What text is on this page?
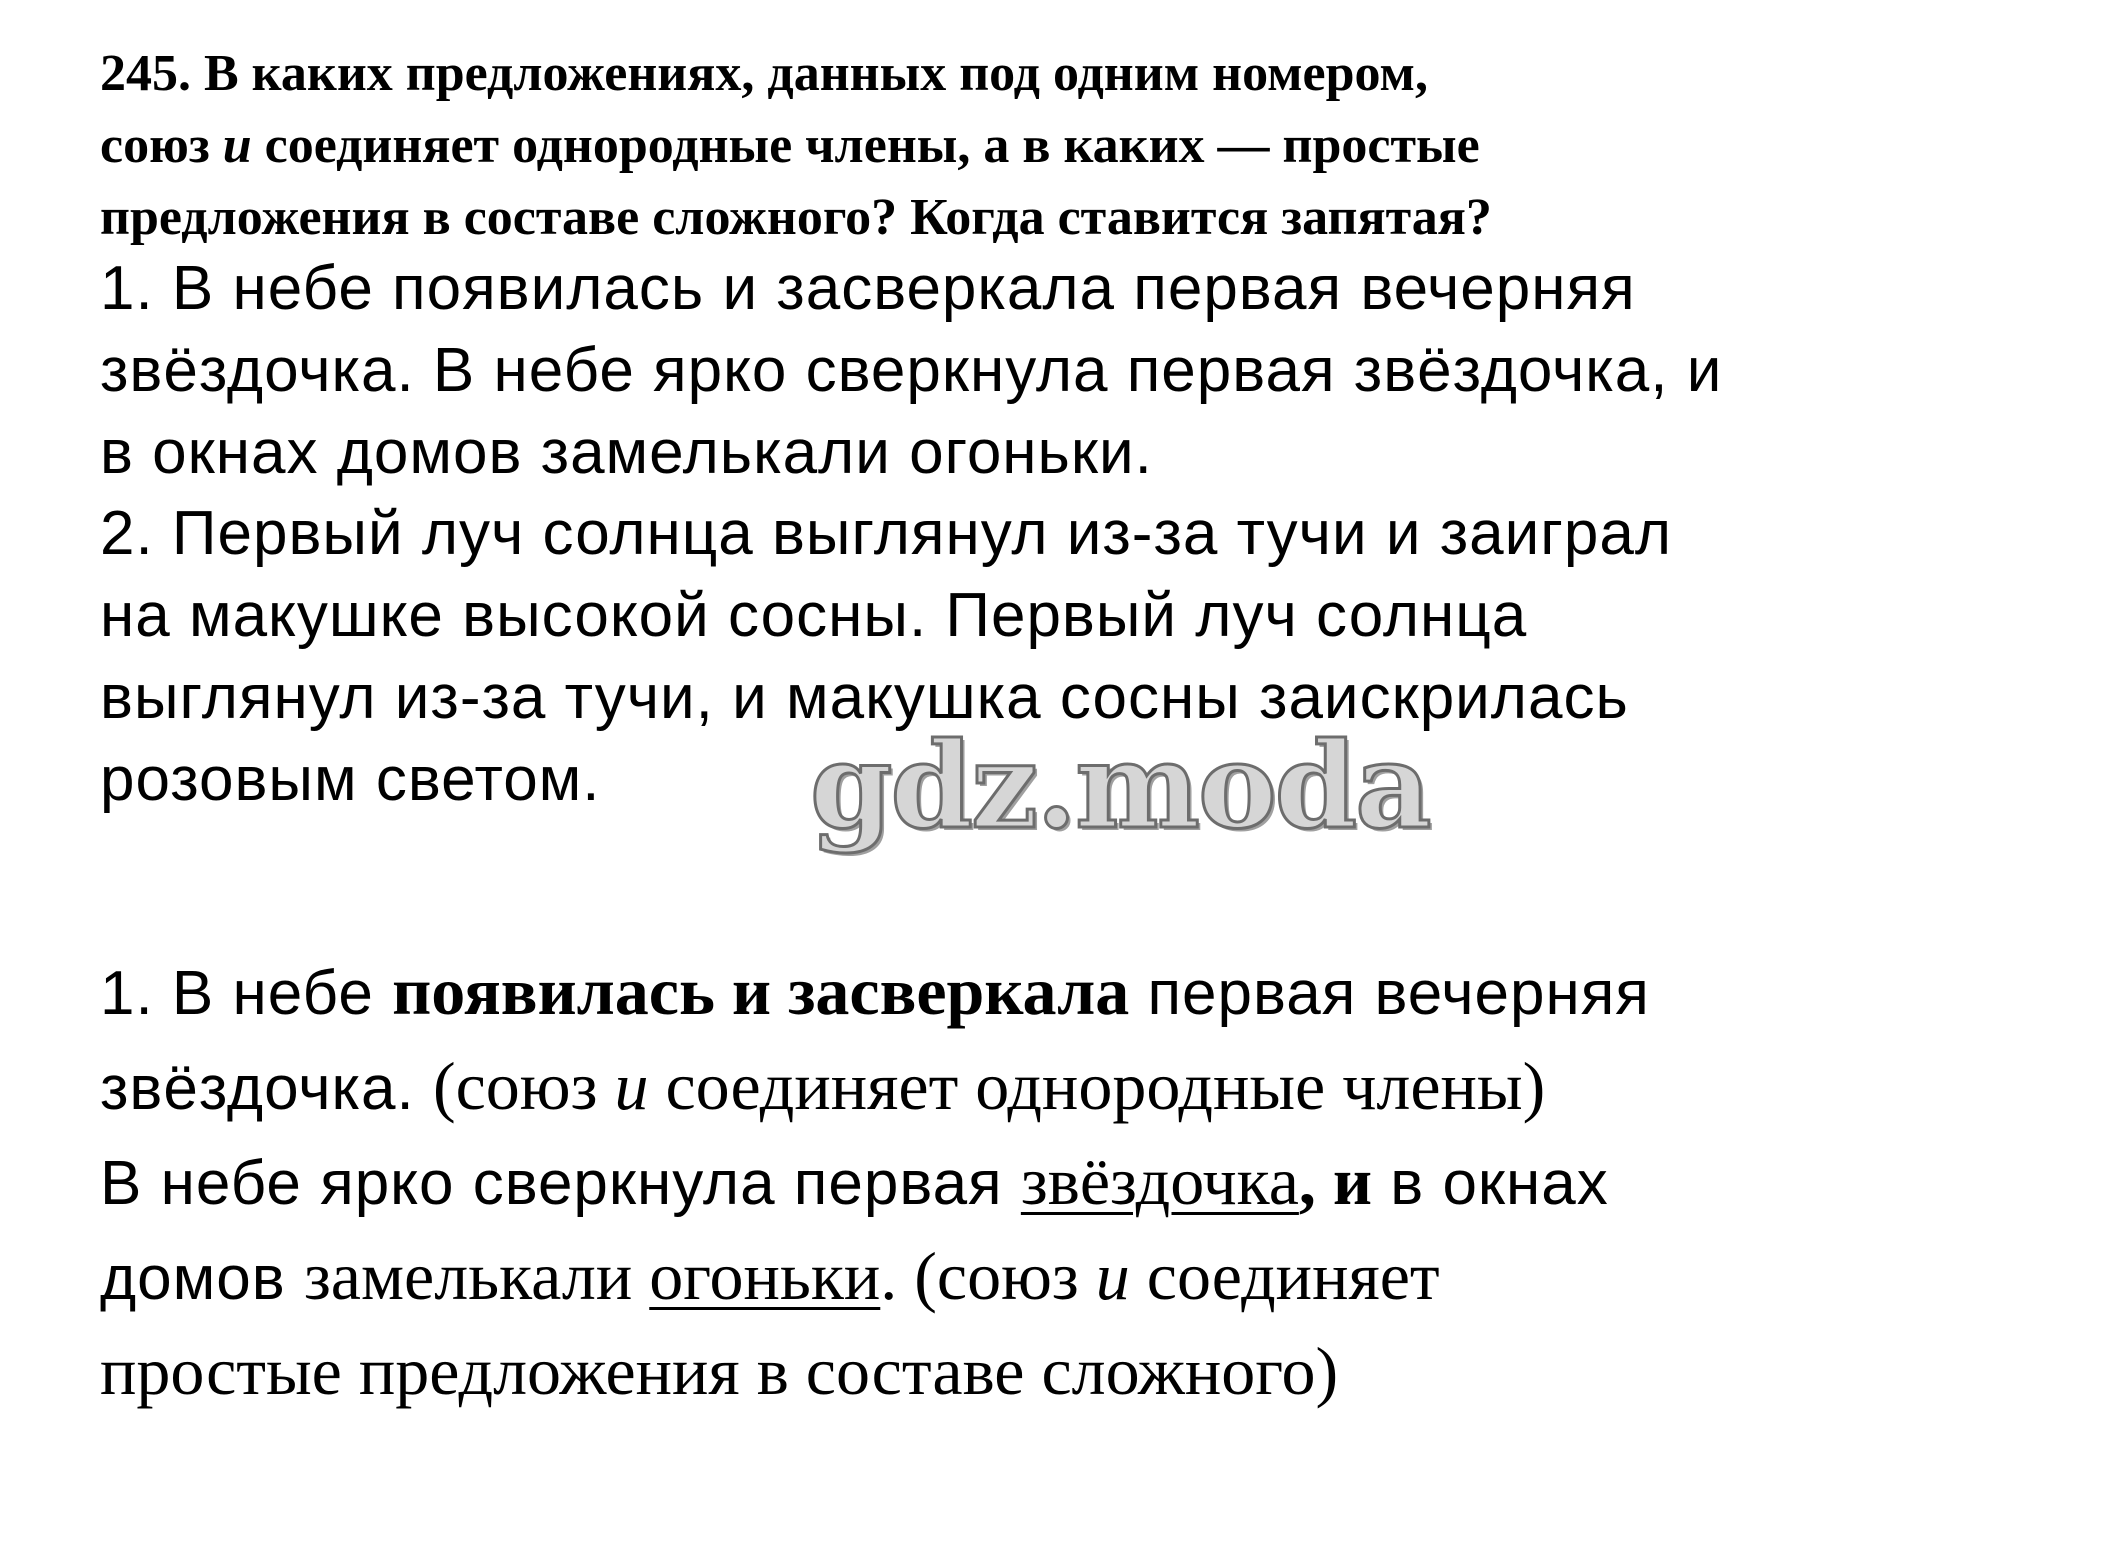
245. В каких предложениях, данных под одним номером,
союз и соединяет однородные члены, а в каких — простые
предложения в составе сложного? Когда ставится запятая?
1. В небе появилась и засверкала первая вечерняя
звёздочка. В небе ярко сверкнула первая звёздочка, и
в окнах домов замелькали огоньки.
2. Первый луч солнца выглянул из-за тучи и заиграл
на макушке высокой сосны. Первый луч солнца
выглянул из-за тучи, и макушка сосны заискрилась
розовым светом.	gdz.moda
1. В небе появилась и засверкала первая вечерняя
звёздочка. (союз и соединяет однородные члены)
В небе ярко сверкнула первая звёздочка, и в окнах
домов замелькали огоньки. (союз и соединяет
простые предложения в составе сложного)
